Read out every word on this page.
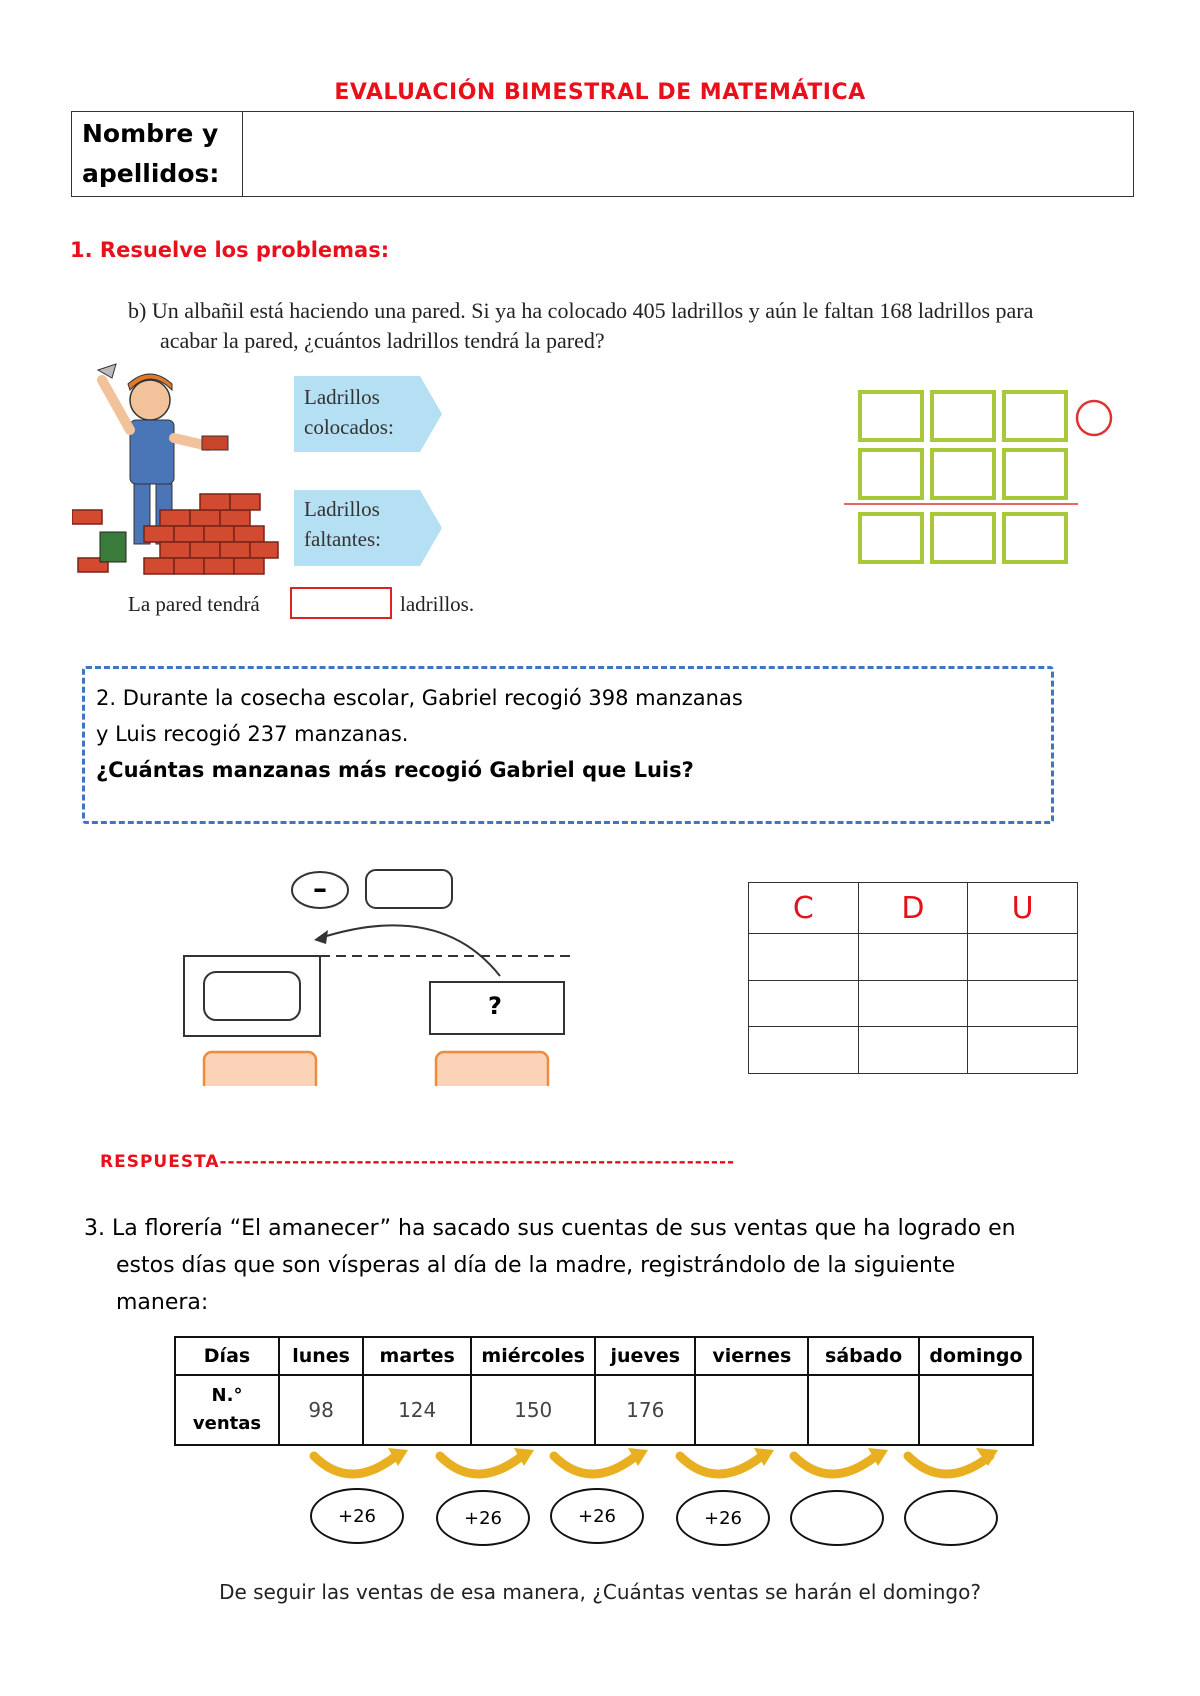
EVALUACIÓN BIMESTRAL DE MATEMÁTICA
Nombre y
apellidos:	
1. Resuelve los problemas:
b) Un albañil está haciendo una pared. Si ya ha colocado 405 ladrillos y aún le faltan 168 ladrillos para
acabar la pared, ¿cuántos ladrillos tendrá la pared?
Ladrillos
colocados:
Ladrillos
faltantes:
La pared tendrá	ladrillos.
2. Durante la cosecha escolar, Gabriel recogió 398 manzanas
y Luis recogió 237 manzanas.
¿Cuántas manzanas más recogió Gabriel que Luis?
–
?
C	D	U

RESPUESTA----------------------------------------------------------------
3. La florería “El amanecer” ha sacado sus cuentas de sus ventas que ha logrado en
estos días que son vísperas al día de la madre, registrándolo de la siguiente
manera:
Días	lunes	martes	miércoles	jueves	viernes	sábado	domingo
N.°
ventas	98	124	150	176			
+26	+26	+26	+26
De seguir las ventas de esa manera, ¿Cuántas ventas se harán el domingo?
